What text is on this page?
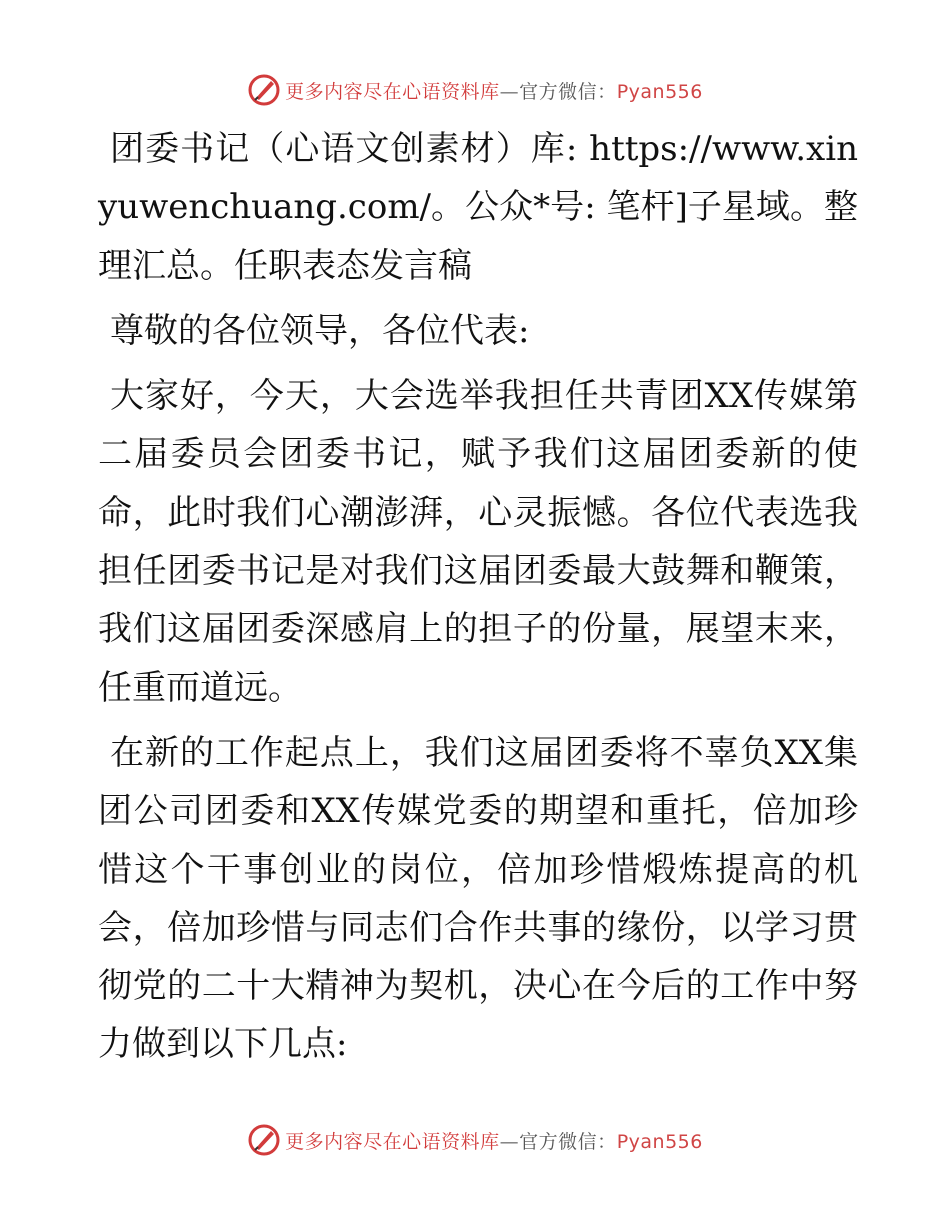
更多内容尽在心语资料库—官方微信：Pyan556

团委书记（心语文创素材）库: https://www.xinyuwenchuang.com/。公众*号: 笔杆]子星域。整理汇总。任职表态发言稿

尊敬的各位领导，各位代表:

大家好，今天，大会选举我担任共青团XX传媒第二届委员会团委书记，赋予我们这届团委新的使命，此时我们心潮澎湃，心灵振憾。各位代表选我担任团委书记是对我们这届团委最大鼓舞和鞭策，我们这届团委深感肩上的担子的份量，展望末来，任重而道远。

在新的工作起点上，我们这届团委将不辜负XX集团公司团委和XX传媒党委的期望和重托，倍加珍惜这个干事创业的岗位，倍加珍惜煅炼提高的机会，倍加珍惜与同志们合作共事的缘份，以学习贯彻党的二十大精神为契机，决心在今后的工作中努力做到以下几点:

更多内容尽在心语资料库—官方微信：Pyan556
